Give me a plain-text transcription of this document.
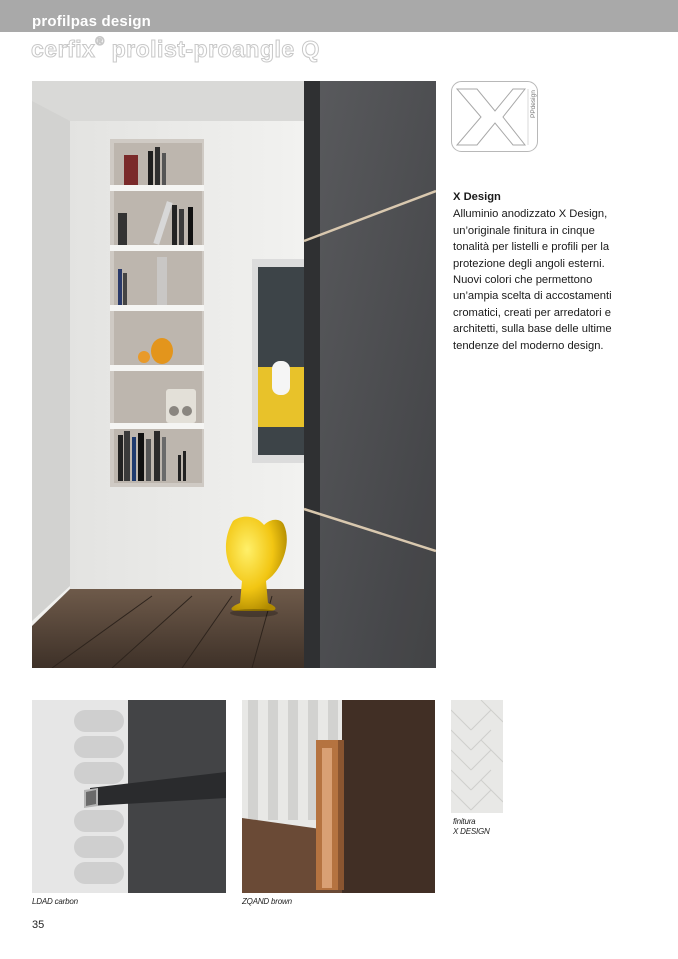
profilpas design
cerfix® prolist-proangle Q
PPdesign
X Design

Alluminio anodizzato X Design,

un’originale finitura in cinque

tonalità per listelli e profili per la

protezione degli angoli esterni.

Nuovi colori che permettono

un’ampia scelta di accostamenti

cromatici, creati per arredatori e

architetti, sulla base delle ultime

tendenze del moderno design.

LDAD carbon	ZQAND brown
finitura
X DESIGN
35
